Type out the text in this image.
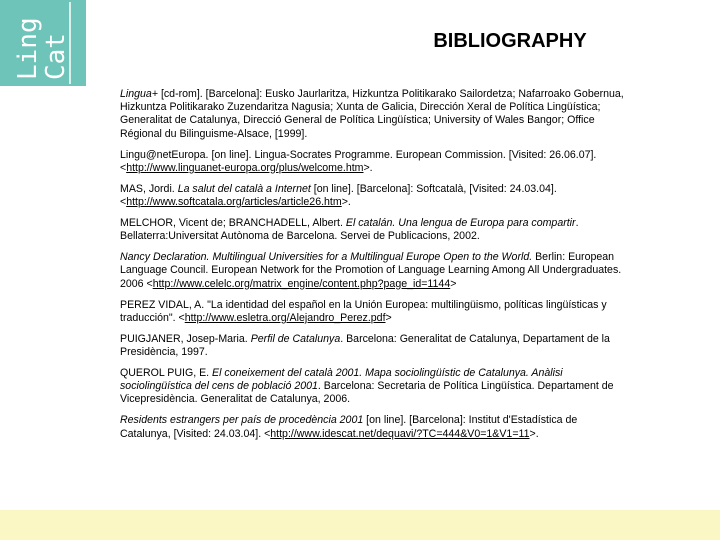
Ling
Cat	BIBLIOGRAPHY

Lingua+ [cd-rom]. [Barcelona]: Eusko Jaurlaritza, Hizkuntza Politikarako Sailordetza; Nafarroako Gobernua, Hizkuntza Politikarako Zuzendaritza Nagusia; Xunta de Galicia, Dirección Xeral de Política Lingüística; Generalitat de Catalunya, Direcció General de Política Lingüística; University of Wales Bangor; Office Régional du Bilinguisme-Alsace, [1999].

Lingu@netEuropa. [on line]. Lingua-Socrates Programme. European Commission. [Visited: 26.06.07]. <http://www.linguanet-europa.org/plus/welcome.htm>.

MAS, Jordi. La salut del català a Internet [on line]. [Barcelona]: Softcatalà, [Visited: 24.03.04]. <http://www.softcatala.org/articles/article26.htm>.

MELCHOR, Vicent de; BRANCHADELL, Albert. El catalán. Una lengua de Europa para compartir. Bellaterra:Universitat Autònoma de Barcelona. Servei de Publicacions, 2002.

Nancy Declaration. Multilingual Universities for a Multilingual Europe Open to the World. Berlin: European Language Council. European Network for the Promotion of Language Learning Among All Undergraduates. 2006 <http://www.celelc.org/matrix_engine/content.php?page_id=1144>

PEREZ VIDAL, A. "La identidad del español en la Unión Europea: multilingüismo, políticas lingüísticas y traducción". <http://www.esletra.org/Alejandro_Perez.pdf>

PUIGJANER, Josep-Maria. Perfil de Catalunya. Barcelona: Generalitat de Catalunya, Departament de la Presidència, 1997.

QUEROL PUIG, E. El coneixement del català 2001. Mapa sociolingüístic de Catalunya. Anàlisi sociolingüística del cens de població 2001. Barcelona: Secretaria de Política Lingüística. Departament de Vicepresidència. Generalitat de Catalunya, 2006.

Residents estrangers per país de procedència 2001 [on line]. [Barcelona]: Institut d'Estadística de Catalunya, [Visited: 24.03.04]. <http://www.idescat.net/dequavi/?TC=444&V0=1&V1=11>.
